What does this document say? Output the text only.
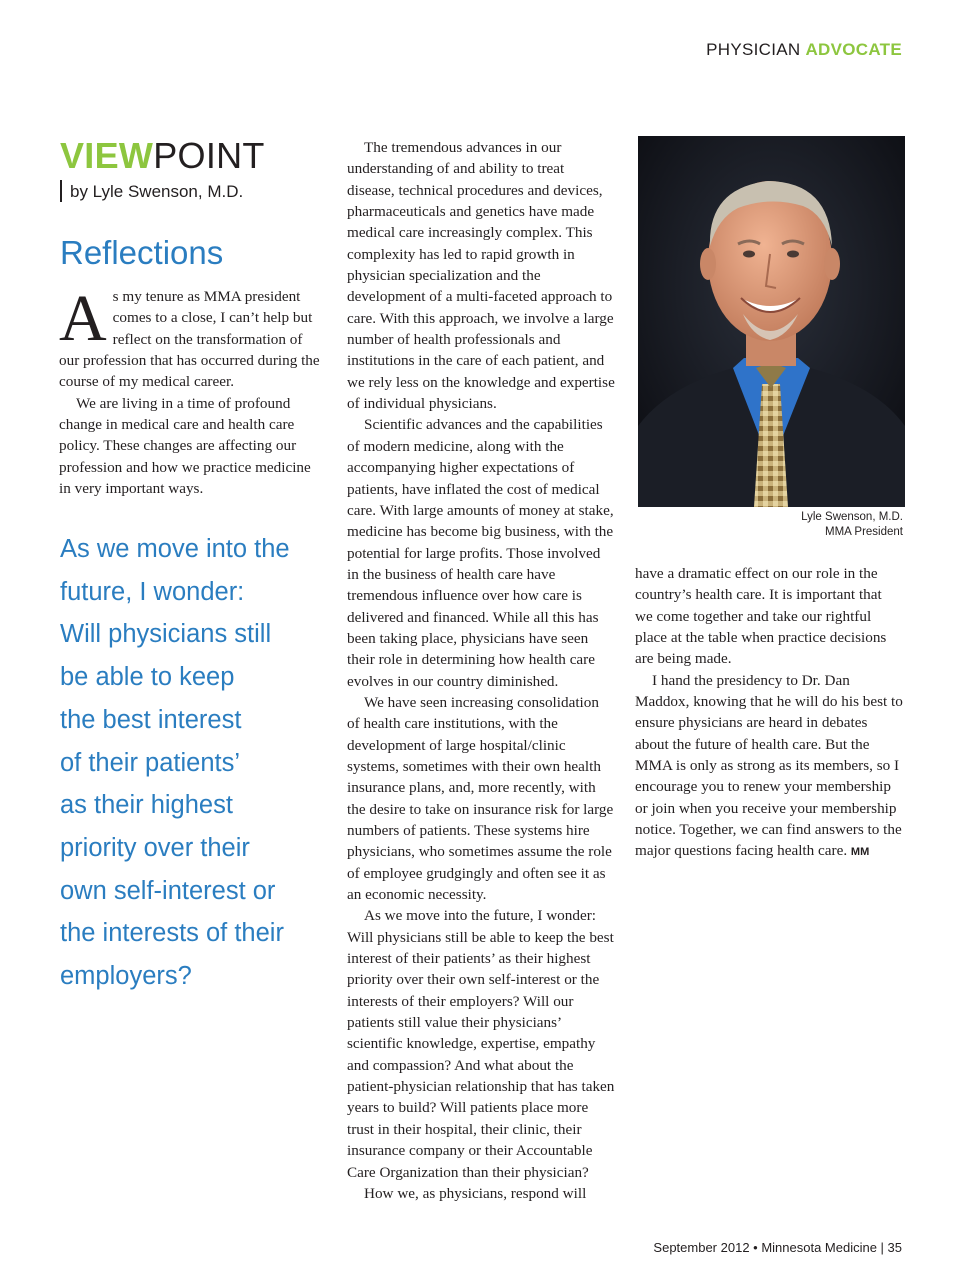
PHYSICIAN ADVOCATE
VIEWPOINT
by Lyle Swenson, M.D.
Reflections

As my tenure as MMA president comes to a close, I can’t help but reflect on the transformation of our profession that has occurred during the course of my medical career.

We are living in a time of profound change in medical care and health care policy. These changes are affecting our profession and how we practice medicine in very important ways.

As we move into the
future, I wonder:
Will physicians still
be able to keep
the best interest
of their patients’
as their highest
priority over their
own self-interest or
the interests of their
employers?

The tremendous advances in our understanding of and ability to treat disease, technical procedures and devices, pharmaceuticals and genetics have made medical care increasingly complex. This complexity has led to rapid growth in physician specialization and the development of a multi-faceted approach to care. With this approach, we involve a large number of health professionals and institutions in the care of each patient, and we rely less on the knowledge and expertise of individual physicians.

Scientific advances and the capabilities of modern medicine, along with the accompanying higher expectations of patients, have inflated the cost of medical care. With large amounts of money at stake, medicine has become big business, with the potential for large profits. Those involved in the business of health care have tremendous influence over how care is delivered and financed. While all this has been taking place, physicians have seen their role in determining how health care evolves in our country diminished.

We have seen increasing consolidation of health care institutions, with the development of large hospital/clinic systems, sometimes with their own health insurance plans, and, more recently, with the desire to take on insurance risk for large numbers of patients. These systems hire physicians, who sometimes assume the role of employee grudgingly and often see it as an economic necessity.

As we move into the future, I wonder: Will physicians still be able to keep the best interest of their patients’ as their highest priority over their own self-interest or the interests of their employers? Will our patients still value their physicians’ scientific knowledge, expertise, empathy and compassion? And what about the patient-physician relationship that has taken years to build? Will patients place more trust in their hospital, their clinic, their insurance company or their Accountable Care Organization than their physician?

How we, as physicians, respond will

Lyle Swenson, M.D.
MMA President

have a dramatic effect on our role in the country’s health care. It is important that we come together and take our rightful place at the table when practice decisions are being made.

I hand the presidency to Dr. Dan Maddox, knowing that he will do his best to ensure physicians are heard in debates about the future of health care. But the MMA is only as strong as its members, so I encourage you to renew your membership or join when you receive your membership notice. Together, we can find answers to the major questions facing health care. MM

September 2012 • Minnesota Medicine | 35
